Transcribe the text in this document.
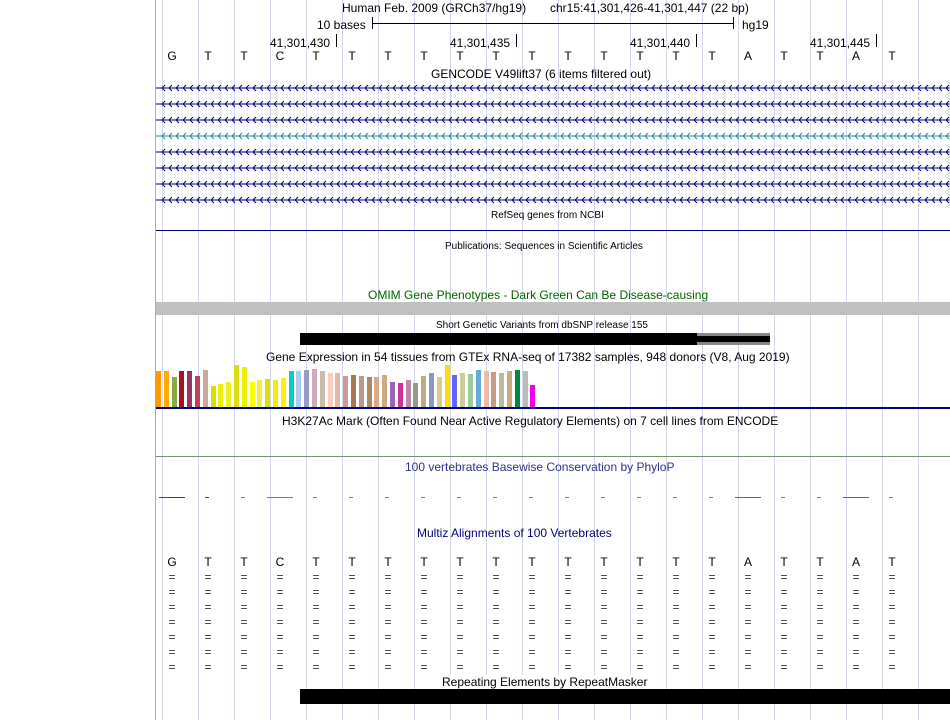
Human Feb. 2009 (GRCh37/hg19) chr15:41,301,426-41,301,447 (22 bp)
10 bases	hg19
41,301,430	41,301,435	41,301,440	41,301,445
G	T	T	C	T	T	T	T	T	T	T	T	T	T	T	T	A	T	T	A	T
GENCODE V49lift37 (6 items filtered out)
RefSeq genes from NCBI
Publications: Sequences in Scientific Articles
OMIM Gene Phenotypes - Dark Green Can Be Disease-causing
Short Genetic Variants from dbSNP release 155
Gene Expression in 54 tissues from GTEx RNA-seq of 17382 samples, 948 donors (V8, Aug 2019)
H3K27Ac Mark (Often Found Near Active Regulatory Elements) on 7 cell lines from ENCODE
100 vertebrates Basewise Conservation by PhyloP
Multiz Alignments of 100 Vertebrates
G	T	T	C	T	T	T	T	T	T	T	T	T	T	T	T	A	T	T	A	T
=	=	=	=	=	=	=	=	=	=	=	=	=	=	=	=	=	=	=	=	=
=	=	=	=	=	=	=	=	=	=	=	=	=	=	=	=	=	=	=	=	=
=	=	=	=	=	=	=	=	=	=	=	=	=	=	=	=	=	=	=	=	=
=	=	=	=	=	=	=	=	=	=	=	=	=	=	=	=	=	=	=	=	=
=	=	=	=	=	=	=	=	=	=	=	=	=	=	=	=	=	=	=	=	=
=	=	=	=	=	=	=	=	=	=	=	=	=	=	=	=	=	=	=	=	=
=	=	=	=	=	=	=	=	=	=	=	=	=	=	=	=	=	=	=	=	=
Repeating Elements by RepeatMasker
